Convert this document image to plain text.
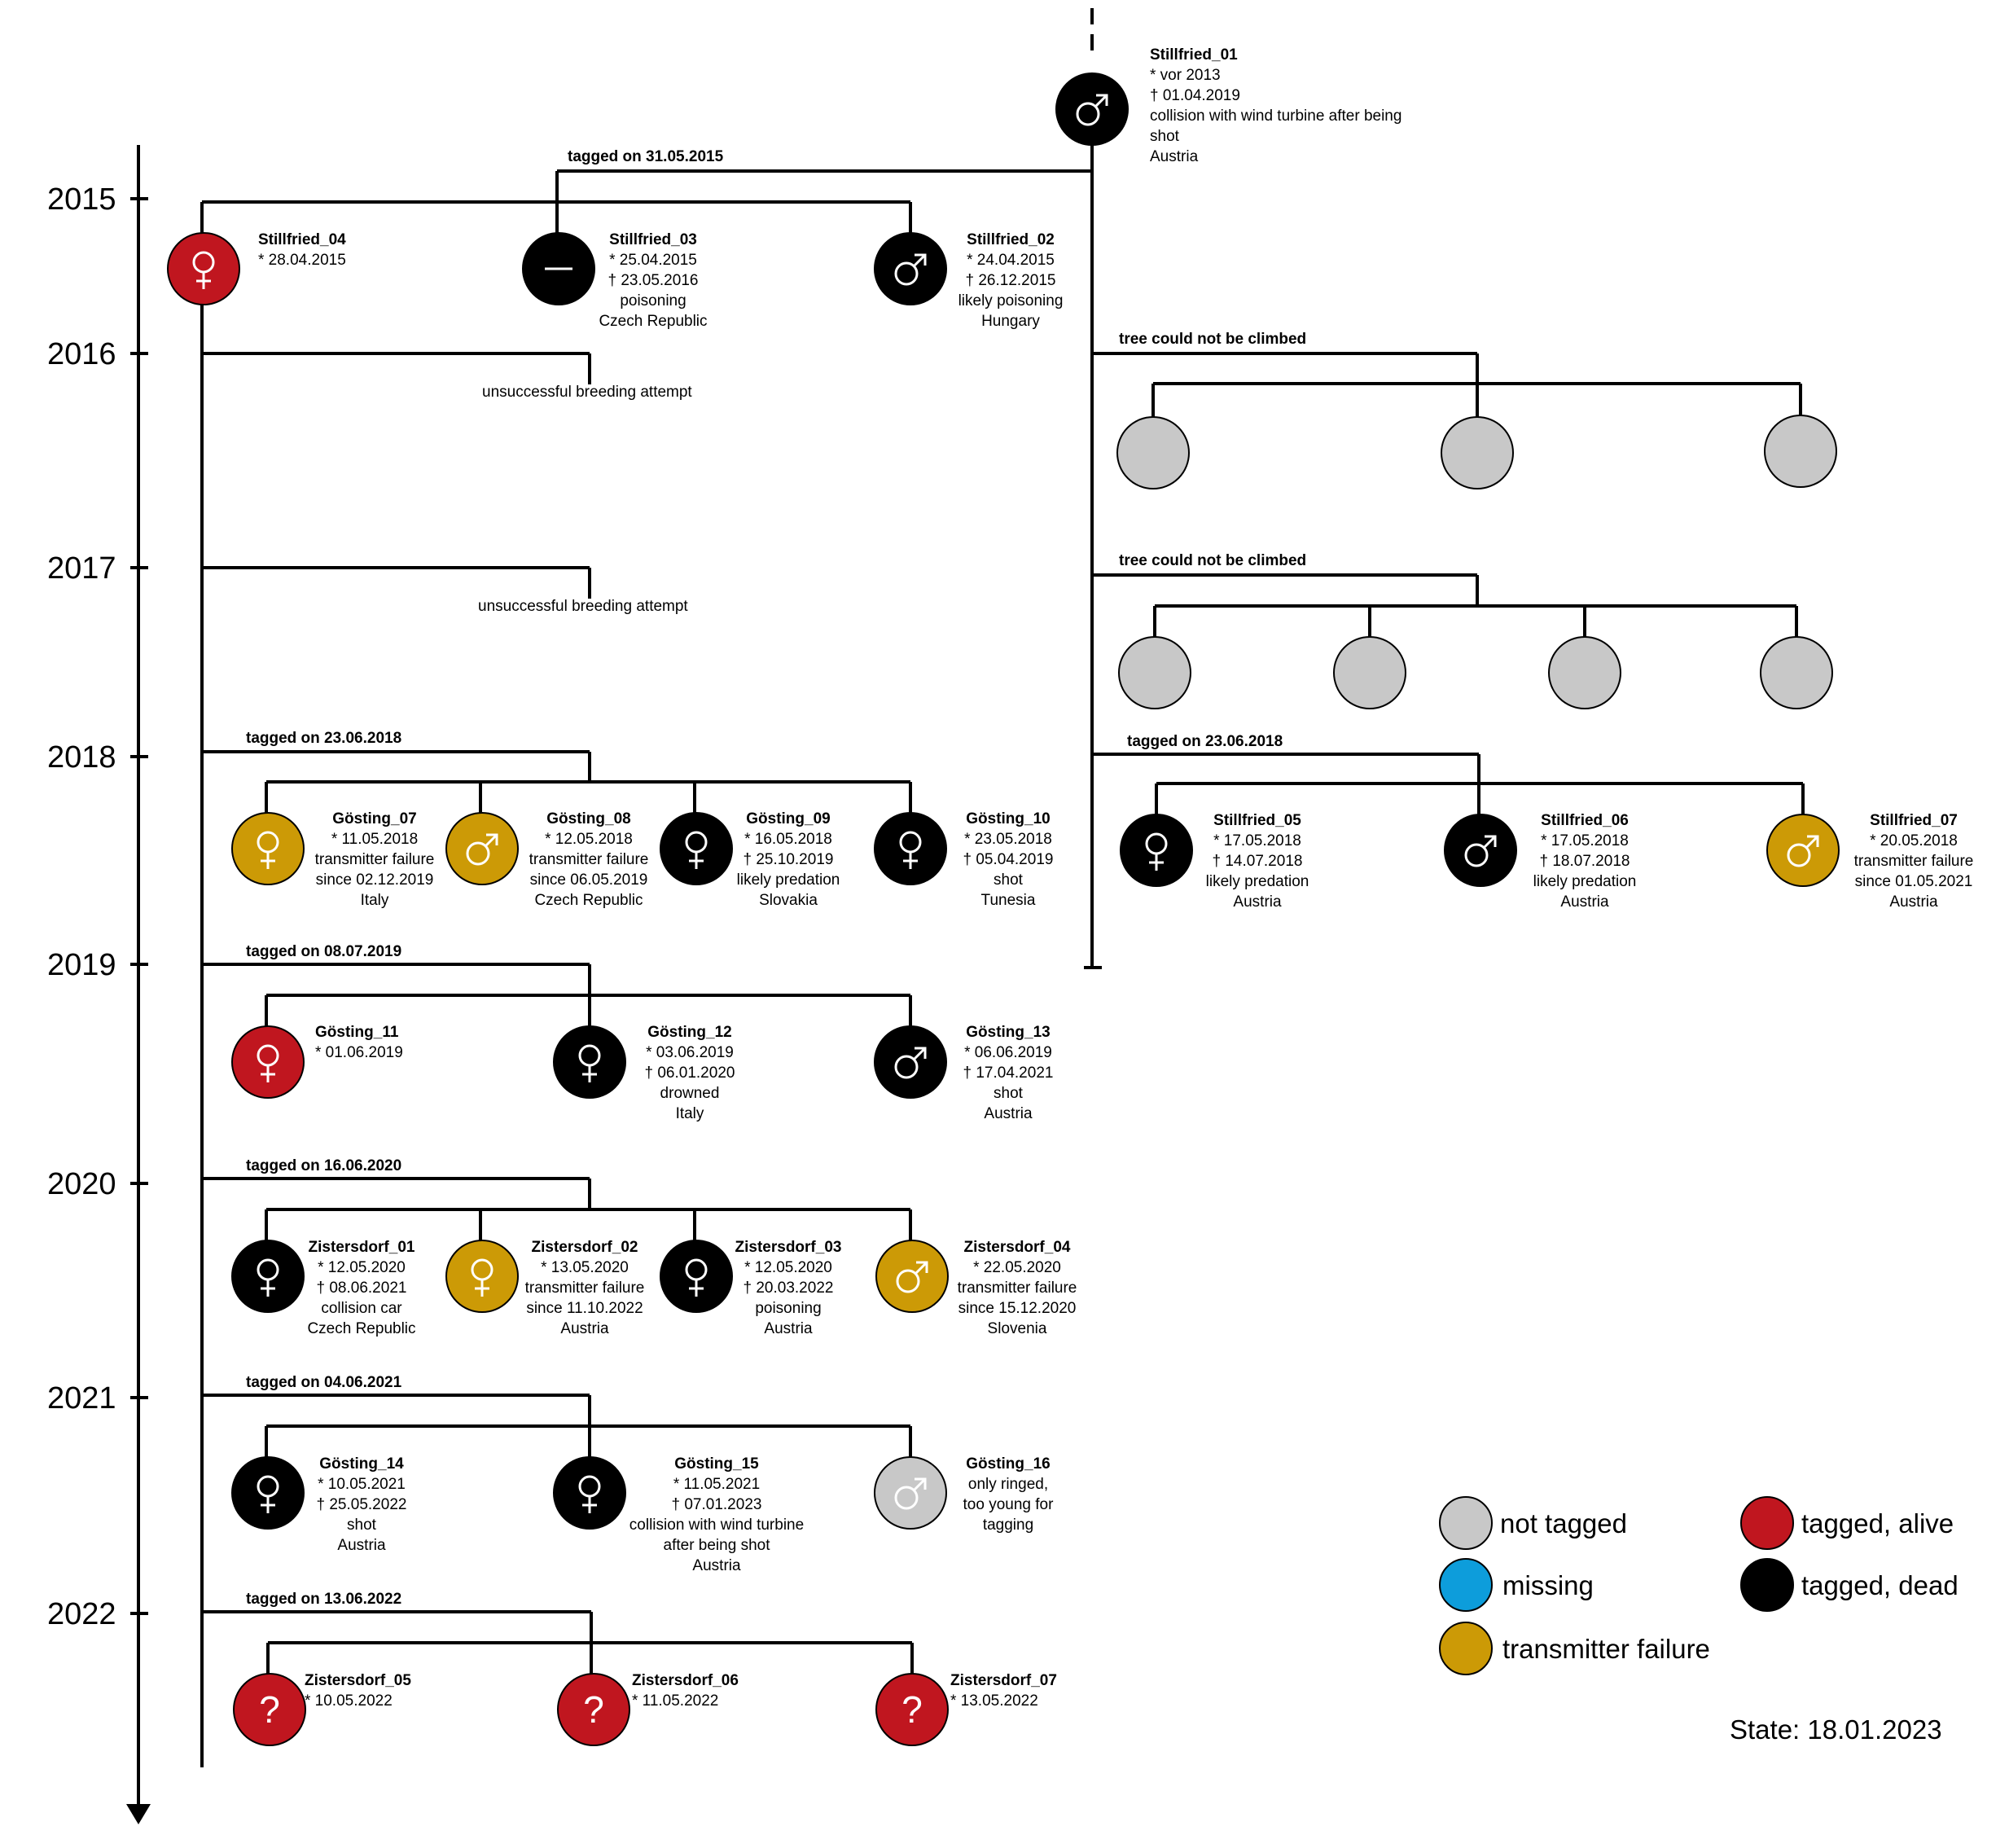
2015
2016
2017
2018
2019
2020
2021
2022
tagged on 31.05.2015
unsuccessful breeding attempt
unsuccessful breeding attempt
tagged on 23.06.2018
tagged on 08.07.2019
tagged on 16.06.2020
tagged on 04.06.2021
tagged on 13.06.2022
tree could not be climbed
tree could not be climbed
tagged on 23.06.2018
Stillfried_01
* vor 2013
† 01.04.2019
collision with wind turbine after being
shot
Austria
Stillfried_04
* 28.04.2015
Stillfried_03
* 25.04.2015
† 23.05.2016
poisoning
Czech Republic
Stillfried_02
* 24.04.2015
† 26.12.2015
likely poisoning
Hungary
Gösting_07
* 11.05.2018
transmitter failure
since 02.12.2019
Italy
Gösting_08
* 12.05.2018
transmitter failure
since 06.05.2019
Czech Republic
Gösting_09
* 16.05.2018
† 25.10.2019
likely predation
Slovakia
Gösting_10
* 23.05.2018
† 05.04.2019
shot
Tunesia
Stillfried_05
* 17.05.2018
† 14.07.2018
likely predation
Austria
Stillfried_06
* 17.05.2018
† 18.07.2018
likely predation
Austria
Stillfried_07
* 20.05.2018
transmitter failure
since 01.05.2021
Austria
Gösting_11
* 01.06.2019
Gösting_12
* 03.06.2019
† 06.01.2020
drowned
Italy
Gösting_13
* 06.06.2019
† 17.04.2021
shot
Austria
Zistersdorf_01
* 12.05.2020
† 08.06.2021
collision car
Czech Republic
Zistersdorf_02
* 13.05.2020
transmitter failure
since 11.10.2022
Austria
Zistersdorf_03
* 12.05.2020
† 20.03.2022
poisoning
Austria
Zistersdorf_04
* 22.05.2020
transmitter failure
since 15.12.2020
Slovenia
Gösting_14
* 10.05.2021
† 25.05.2022
shot
Austria
Gösting_15
* 11.05.2021
† 07.01.2023
collision with wind turbine
after being shot
Austria
Gösting_16
only ringed,
too young for
tagging
?
Zistersdorf_05
* 10.05.2022	?
Zistersdorf_06
* 11.05.2022	?
Zistersdorf_07
* 13.05.2022
not tagged	tagged, alive
missing	tagged, dead
transmitter failure
State: 18.01.2023
